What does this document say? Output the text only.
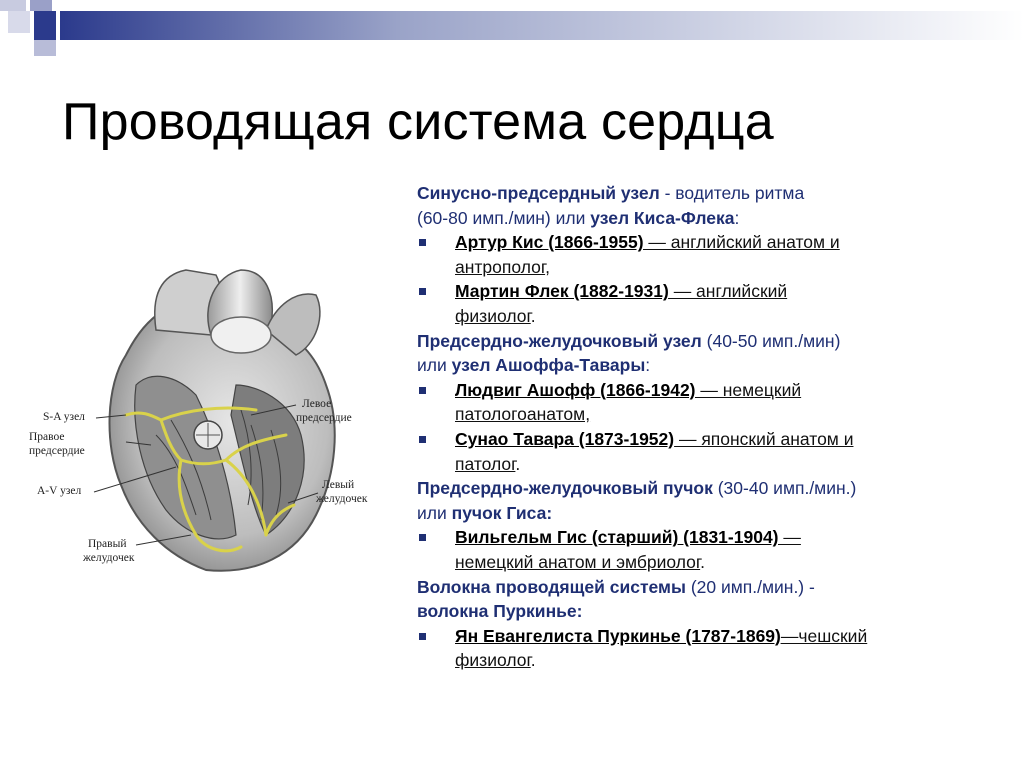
Проводящая система сердца
S-A узел
Правое
предсердие
A-V узел
Правый
желудочек
Левое
предсердие
Левый
желудочек
Синусно-предсердный узел - водитель ритма
(60-80 имп./мин) или узел Киса-Флека:
Артур Кис (1866-1955) — английский анатом и
антрополог,
Мартин Флек (1882-1931) — английский
физиолог.
Предсердно-желудочковый узел (40-50 имп./мин)
или узел Ашоффа-Тавары:
Людвиг Ашофф (1866-1942) — немецкий
патологоанатом,
Сунао Тавара (1873-1952) — японский анатом и
патолог.
Предсердно-желудочковый пучок (30-40 имп./мин.)
или пучок Гиса:
Вильгельм Гис (старший) (1831-1904) —
немецкий анатом и эмбриолог.
Волокна проводящей системы (20 имп./мин.) -
волокна Пуркинье:
Ян Евангелиста Пуркинье (1787-1869)—чешский
физиолог.
